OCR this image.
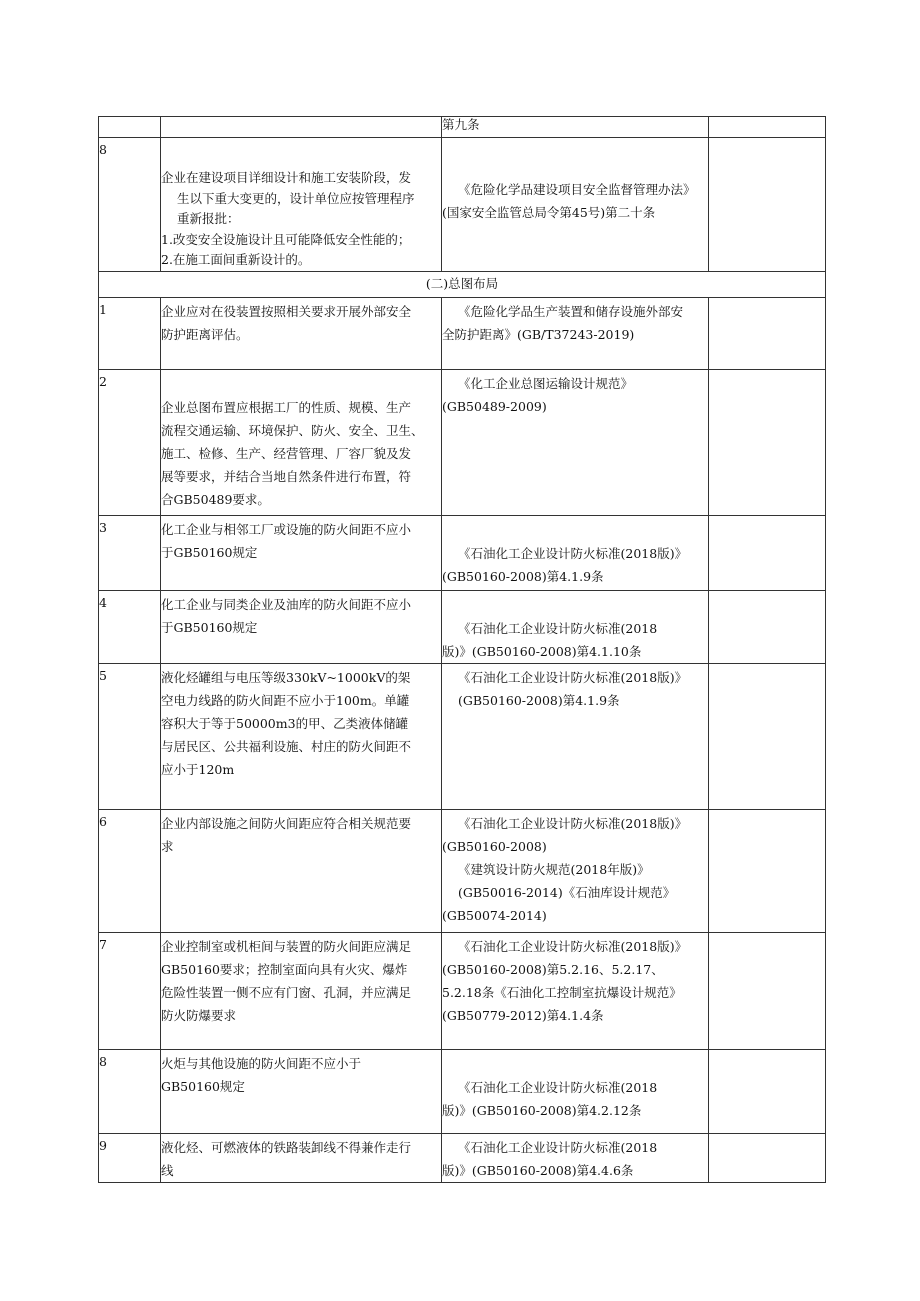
		第九条	
8	企业在建设项目详细设计和施工安装阶段，发
生以下重大变更的，设计单位应按管理程序
重新报批：
1.改变安全设施设计且可能降低安全性能的；
2.在施工面间重新设计的。	《危险化学品建设项目安全监督管理办法》
(国家安全监管总局令第45号)第二十条	

(二)总图布局			
1	企业应对在役装置按照相关要求开展外部安全
防护距离评估。	《危险化学品生产装置和储存设施外部安
全防护距离》(GB/T37243-2019)	

2	企业总图布置应根据工厂的性质、规模、生产
流程交通运输、环境保护、防火、安全、卫生、
施工、检修、生产、经营管理、厂容厂貌及发
展等要求，并结合当地自然条件进行布置，符
合GB50489要求。	《化工企业总图运输设计规范》
(GB50489-2009)	

3	化工企业与相邻工厂或设施的防火间距不应小
于GB50160规定	《石油化工企业设计防火标准(2018版)》
(GB50160-2008)第4.1.9条	

4	化工企业与同类企业及油库的防火间距不应小
于GB50160规定	《石油化工企业设计防火标准(2018
版)》(GB50160-2008)第4.1.10条	

5	液化烃罐组与电压等级330kV~1000kV的架
空电力线路的防火间距不应小于100m。单罐
容积大于等于50000m3的甲、乙类液体储罐
与居民区、公共福利设施、村庄的防火间距不
应小于120m	《石油化工企业设计防火标准(2018版)》
(GB50160-2008)第4.1.9条	

6	企业内部设施之间防火间距应符合相关规范要
求	《石油化工企业设计防火标准(2018版)》
(GB50160-2008)
《建筑设计防火规范(2018年版)》
(GB50016-2014)《石油库设计规范》
(GB50074-2014)	

7	企业控制室或机柜间与装置的防火间距应满足
GB50160要求；控制室面向具有火灾、爆炸
危险性装置一侧不应有门窗、孔洞，并应满足
防火防爆要求	《石油化工企业设计防火标准(2018版)》
(GB50160-2008)第5.2.16、5.2.17、
5.2.18条《石油化工控制室抗爆设计规范》
(GB50779-2012)第4.1.4条	

8	火炬与其他设施的防火间距不应小于
GB50160规定	《石油化工企业设计防火标准(2018
版)》(GB50160-2008)第4.2.12条	

9	液化烃、可燃液体的铁路装卸线不得兼作走行
线	《石油化工企业设计防火标准(2018
版)》(GB50160-2008)第4.4.6条	
